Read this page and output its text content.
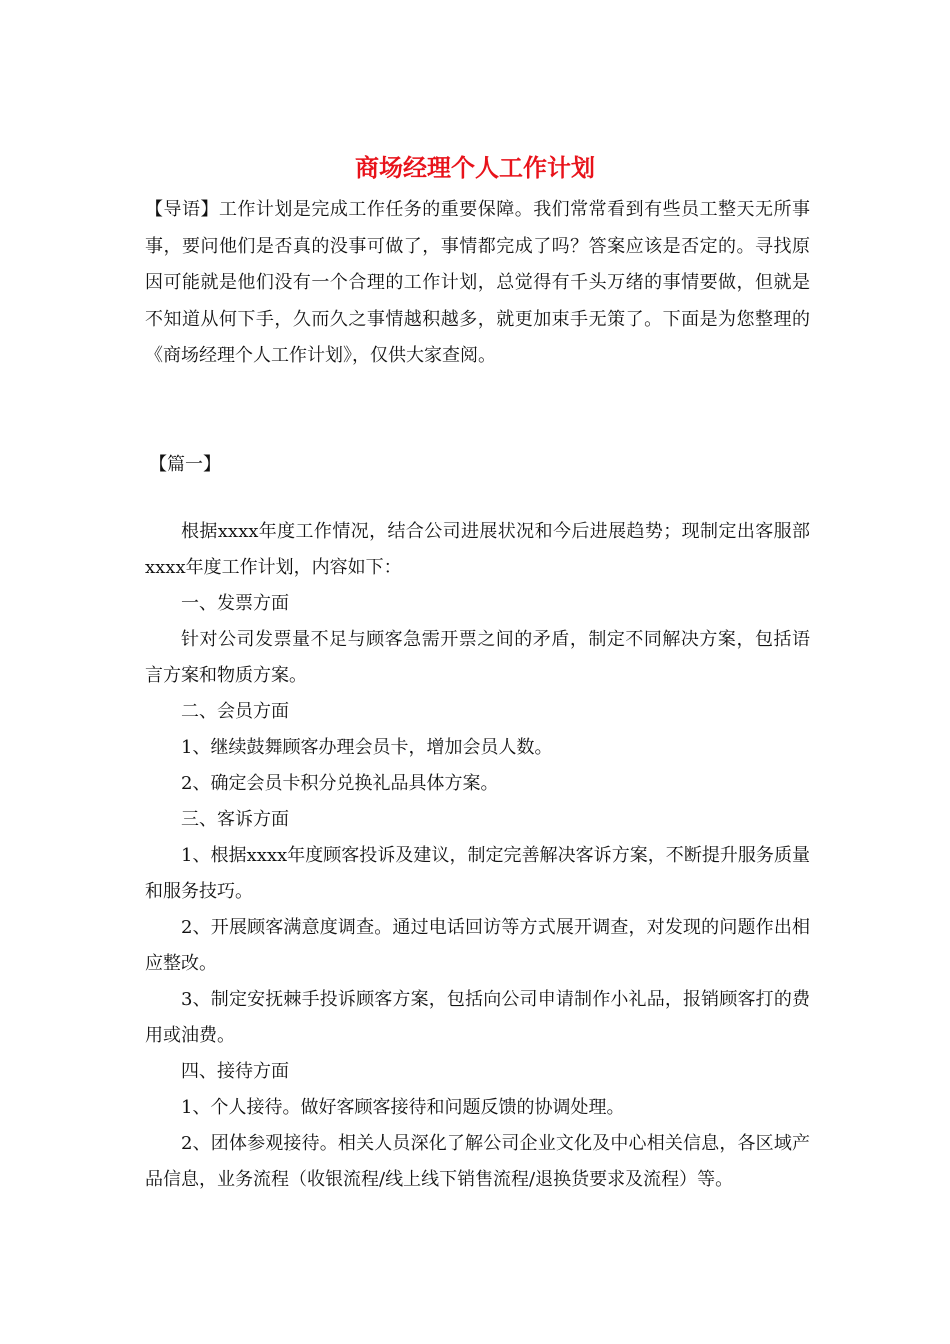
商场经理个人工作计划

【导语】工作计划是完成工作任务的重要保障。我们常常看到有些员工整天无所事事，要问他们是否真的没事可做了，事情都完成了吗？答案应该是否定的。寻找原因可能就是他们没有一个合理的工作计划，总觉得有千头万绪的事情要做，但就是不知道从何下手，久而久之事情越积越多，就更加束手无策了。下面是为您整理的《商场经理个人工作计划》，仅供大家查阅。

【篇一】

根据xxxx年度工作情况，结合公司进展状况和今后进展趋势；现制定出客服部xxxx年度工作计划，内容如下：

一、发票方面

针对公司发票量不足与顾客急需开票之间的矛盾，制定不同解决方案，包括语言方案和物质方案。

二、会员方面

1、继续鼓舞顾客办理会员卡，增加会员人数。

2、确定会员卡积分兑换礼品具体方案。

三、客诉方面

1、根据xxxx年度顾客投诉及建议，制定完善解决客诉方案，不断提升服务质量和服务技巧。

2、开展顾客满意度调查。通过电话回访等方式展开调查，对发现的问题作出相应整改。

3、制定安抚棘手投诉顾客方案，包括向公司申请制作小礼品，报销顾客打的费用或油费。

四、接待方面

1、个人接待。做好客顾客接待和问题反馈的协调处理。

2、团体参观接待。相关人员深化了解公司企业文化及中心相关信息，各区域产品信息，业务流程（收银流程/线上线下销售流程/退换货要求及流程）等。
